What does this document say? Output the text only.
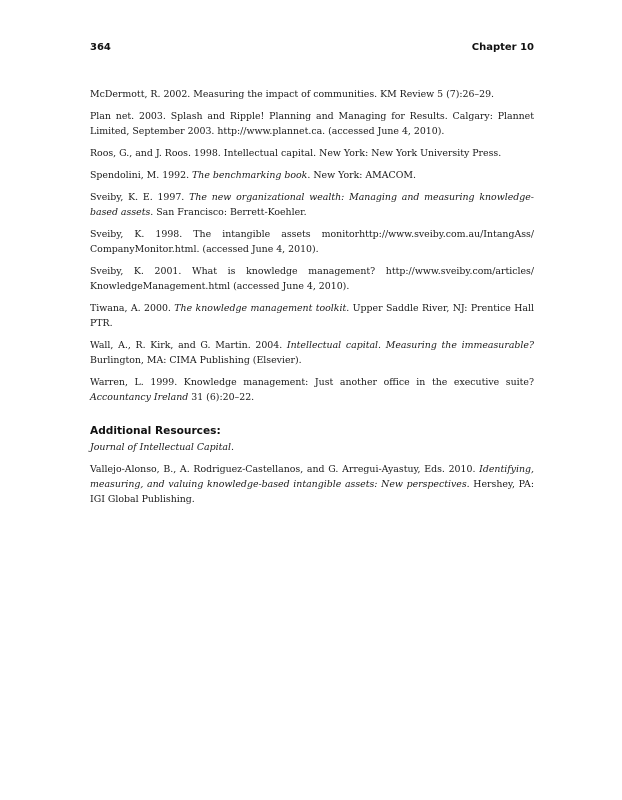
364	Chapter 10

McDermott, R. 2002. Measuring the impact of communities. KM Review 5 (7):26–29.

Plan net. 2003. Splash and Ripple! Planning and Managing for Results. Calgary: Plannet Limited, September 2003. http://www.plannet.ca. (accessed June 4, 2010).

Roos, G., and J. Roos. 1998. Intellectual capital. New York: New York University Press.

Spendolini, M. 1992. The benchmarking book. New York: AMACOM.

Sveiby, K. E. 1997. The new organizational wealth: Managing and measuring knowledge-based assets. San Francisco: Berrett-Koehler.

Sveiby, K. 1998. The intangible assets monitorhttp://www.sveiby.com.au/IntangAss/ CompanyMonitor.html. (accessed June 4, 2010).

Sveiby, K. 2001. What is knowledge management? http://www.sveiby.com/articles/ KnowledgeManagement.html (accessed June 4, 2010).

Tiwana, A. 2000. The knowledge management toolkit. Upper Saddle River, NJ: Prentice Hall PTR.

Wall, A., R. Kirk, and G. Martin. 2004. Intellectual capital. Measuring the immeasurable? Burlington, MA: CIMA Publishing (Elsevier).

Warren, L. 1999. Knowledge management: Just another office in the executive suite? Accountancy Ireland 31 (6):20–22.

Additional Resources:

Journal of Intellectual Capital.

Vallejo-Alonso, B., A. Rodriguez-Castellanos, and G. Arregui-Ayastuy, Eds. 2010. Identifying, measuring, and valuing knowledge-based intangible assets: New perspectives. Hershey, PA: IGI Global Publishing.
